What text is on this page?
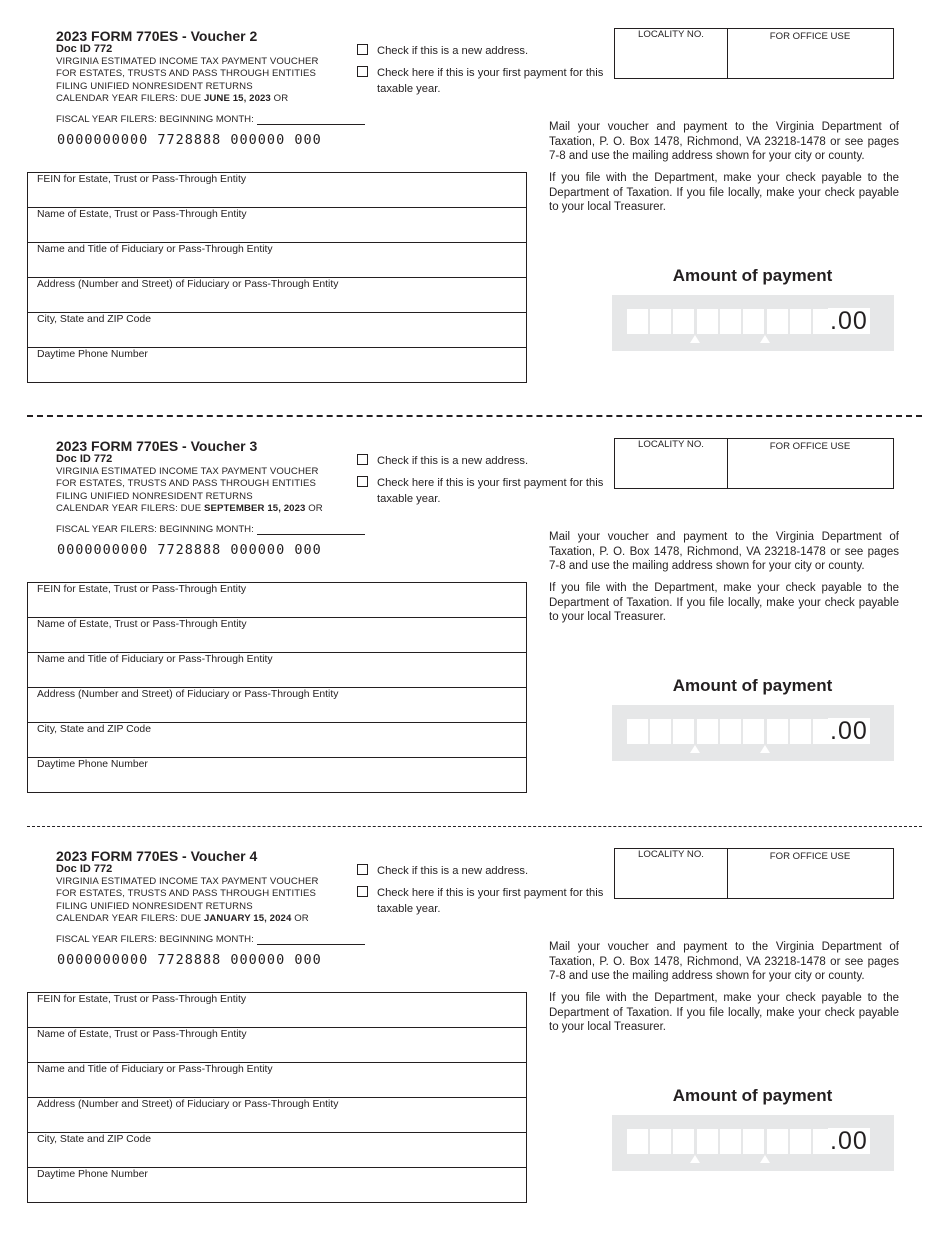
2023 FORM 770ES - Voucher 2
Doc ID 772
VIRGINIA ESTIMATED INCOME TAX PAYMENT VOUCHER
FOR ESTATES, TRUSTS AND PASS THROUGH ENTITIES
FILING UNIFIED NONRESIDENT RETURNS
CALENDAR YEAR FILERS: DUE JUNE 15, 2023 OR
FISCAL YEAR FILERS: BEGINNING MONTH:
0000000000 7728888 000000 000
Check if this is a new address.
Check here if this is your first payment for this taxable year.
LOCALITY NO.	FOR OFFICE USE
Mail your voucher and payment to the Virginia Department of Taxation, P. O. Box 1478, Richmond, VA 23218-1478 or see pages 7-8 and use the mailing address shown for your city or county.
If you file with the Department, make your check payable to the Department of Taxation. If you file locally, make your check payable to your local Treasurer.
Amount of payment
.00
FEIN for Estate, Trust or Pass-Through Entity
Name of Estate, Trust or Pass-Through Entity
Name and Title of Fiduciary or Pass-Through Entity
Address (Number and Street) of Fiduciary or Pass-Through Entity
City, State and ZIP Code
Daytime Phone Number
2023 FORM 770ES - Voucher 3
Doc ID 772
VIRGINIA ESTIMATED INCOME TAX PAYMENT VOUCHER
FOR ESTATES, TRUSTS AND PASS THROUGH ENTITIES
FILING UNIFIED NONRESIDENT RETURNS
CALENDAR YEAR FILERS: DUE SEPTEMBER 15, 2023 OR
FISCAL YEAR FILERS: BEGINNING MONTH:
0000000000 7728888 000000 000
Check if this is a new address.
Check here if this is your first payment for this taxable year.
LOCALITY NO.	FOR OFFICE USE
Mail your voucher and payment to the Virginia Department of Taxation, P. O. Box 1478, Richmond, VA 23218-1478 or see pages 7-8 and use the mailing address shown for your city or county.
If you file with the Department, make your check payable to the Department of Taxation. If you file locally, make your check payable to your local Treasurer.
Amount of payment
.00
FEIN for Estate, Trust or Pass-Through Entity
Name of Estate, Trust or Pass-Through Entity
Name and Title of Fiduciary or Pass-Through Entity
Address (Number and Street) of Fiduciary or Pass-Through Entity
City, State and ZIP Code
Daytime Phone Number
2023 FORM 770ES - Voucher 4
Doc ID 772
VIRGINIA ESTIMATED INCOME TAX PAYMENT VOUCHER
FOR ESTATES, TRUSTS AND PASS THROUGH ENTITIES
FILING UNIFIED NONRESIDENT RETURNS
CALENDAR YEAR FILERS: DUE JANUARY 15, 2024 OR
FISCAL YEAR FILERS: BEGINNING MONTH:
0000000000 7728888 000000 000
Check if this is a new address.
Check here if this is your first payment for this taxable year.
LOCALITY NO.	FOR OFFICE USE
Mail your voucher and payment to the Virginia Department of Taxation, P. O. Box 1478, Richmond, VA 23218-1478 or see pages 7-8 and use the mailing address shown for your city or county.
If you file with the Department, make your check payable to the Department of Taxation. If you file locally, make your check payable to your local Treasurer.
Amount of payment
.00
FEIN for Estate, Trust or Pass-Through Entity
Name of Estate, Trust or Pass-Through Entity
Name and Title of Fiduciary or Pass-Through Entity
Address (Number and Street) of Fiduciary or Pass-Through Entity
City, State and ZIP Code
Daytime Phone Number
